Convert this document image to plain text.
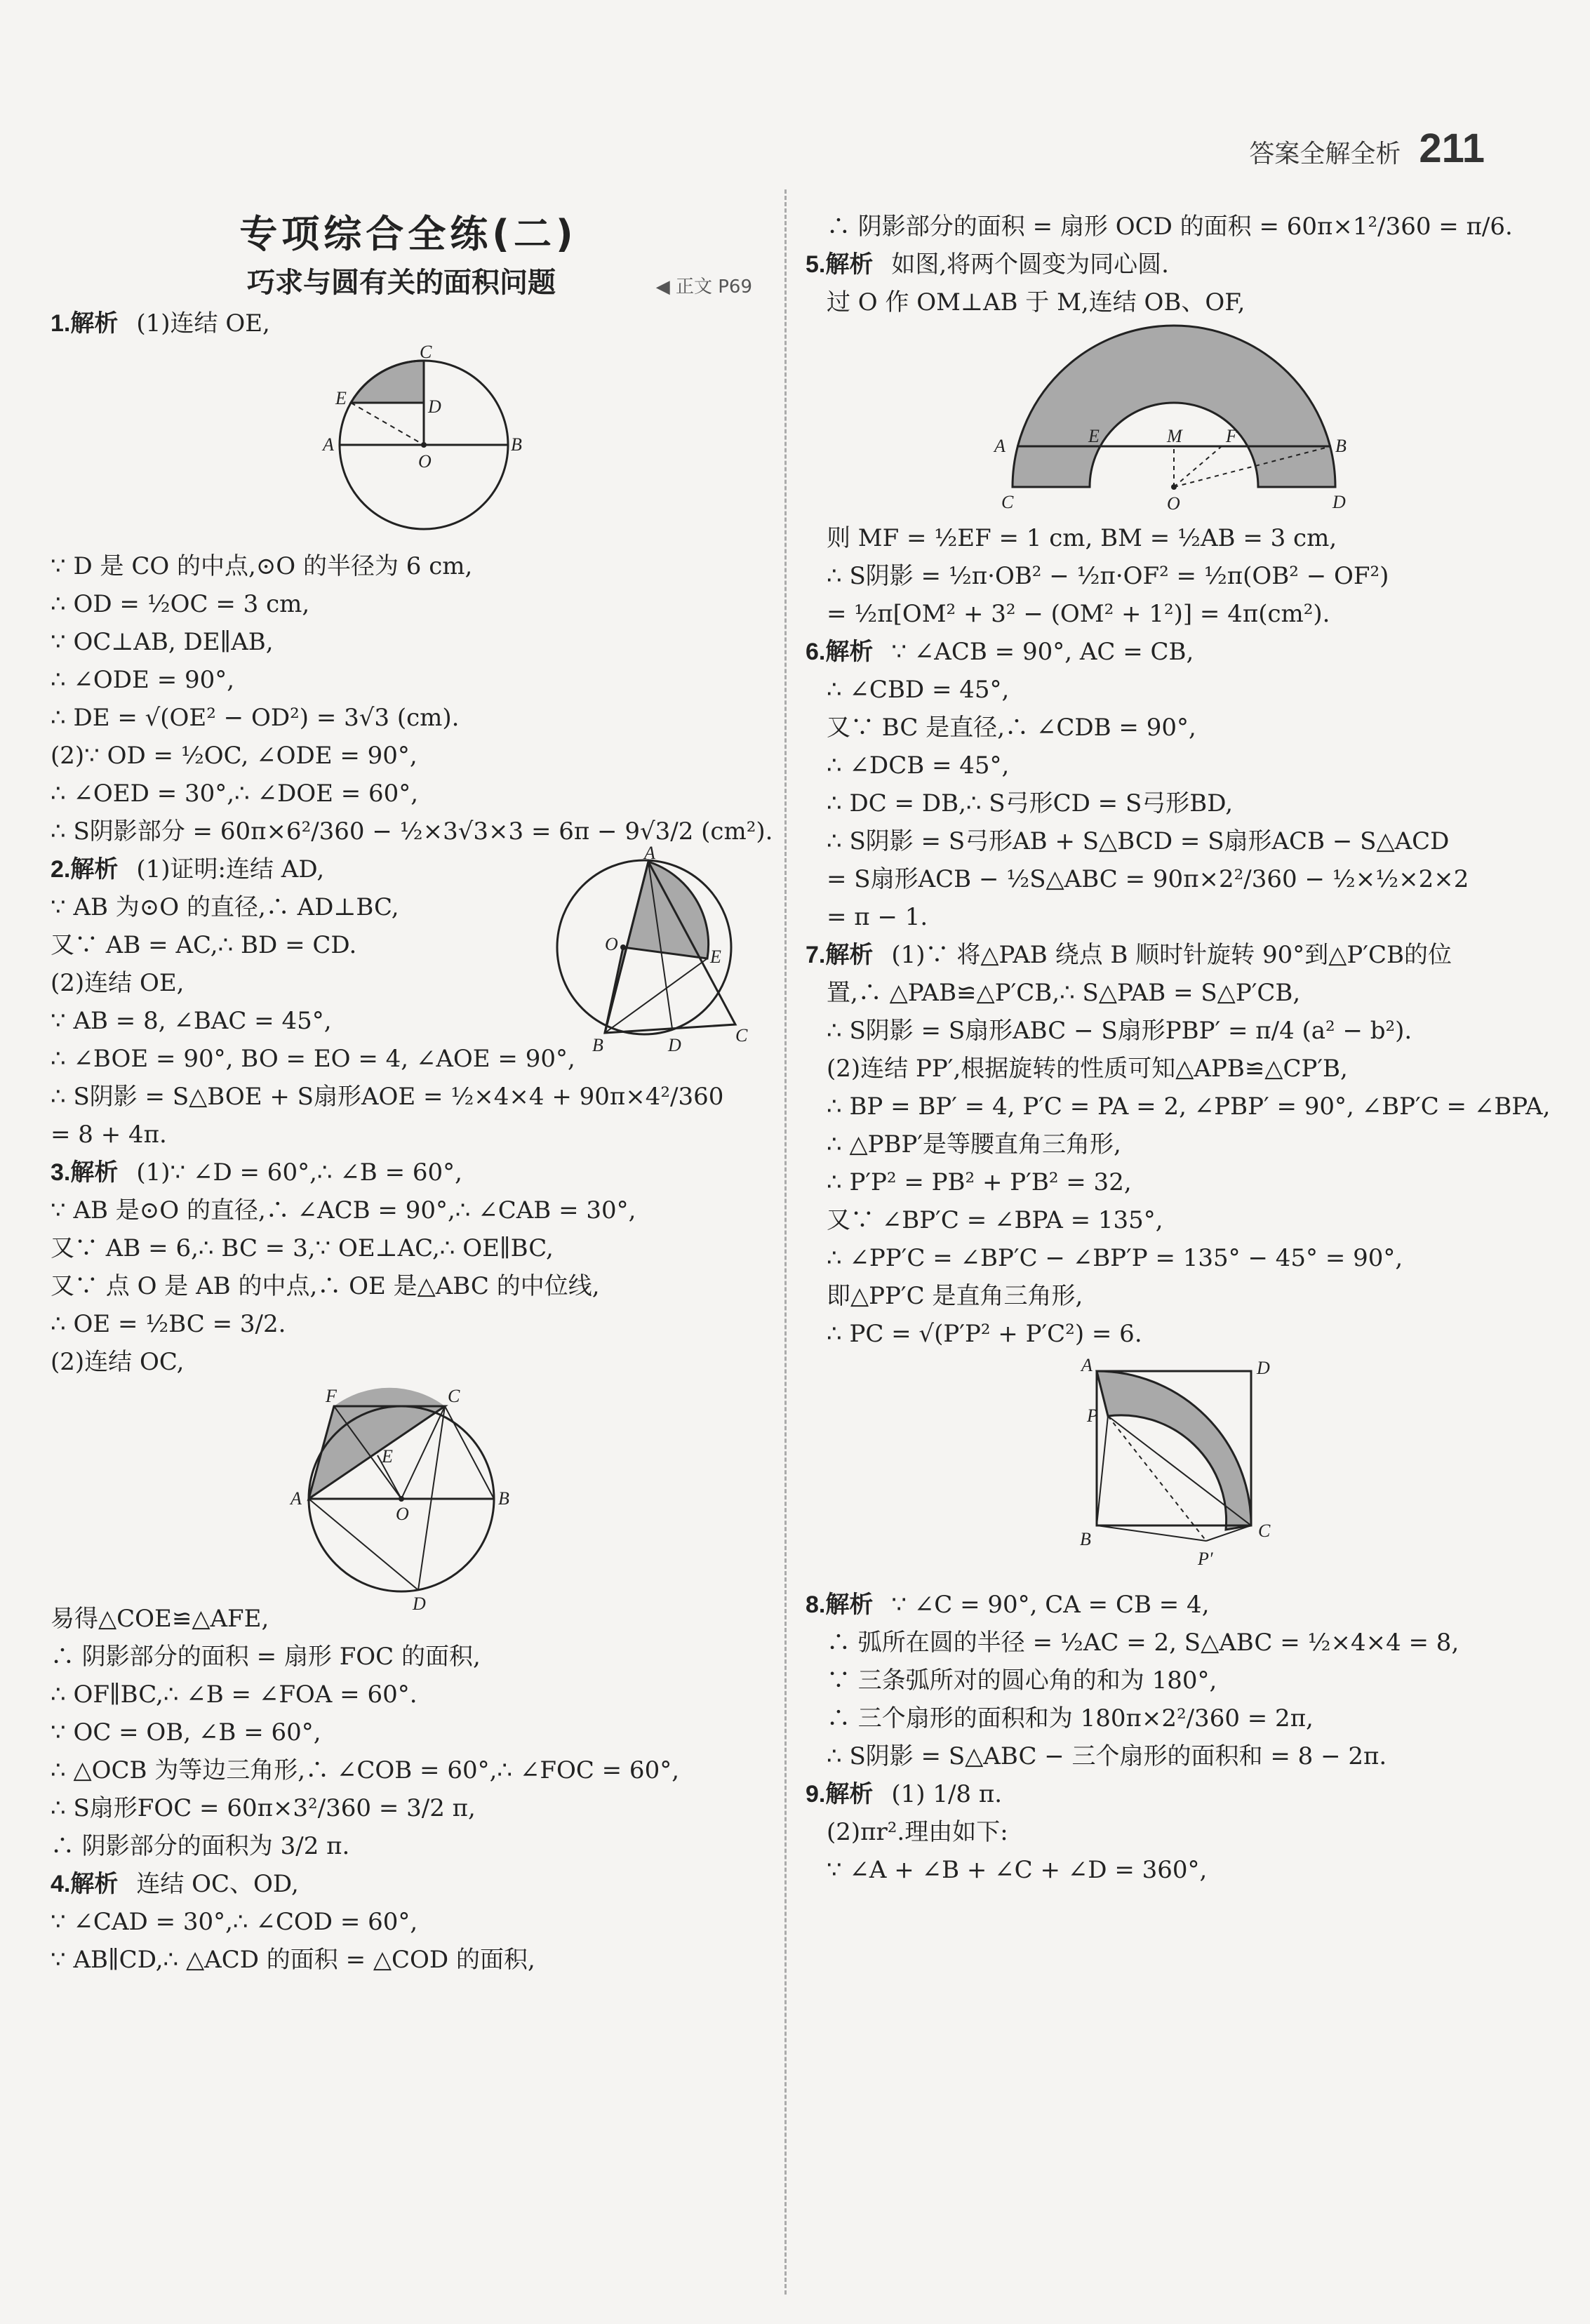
答案全解全析 211
专项综合全练(二)
巧求与圆有关的面积问题	◀ 正文 P69
1.解析 (1)连结 OE,
C
D
E
A
O
B
∵ D 是 CO 的中点,⊙O 的半径为 6 cm,
∴ OD = ½OC = 3 cm,
∵ OC⊥AB, DE∥AB,
∴ ∠ODE = 90°,
∴ DE = √(OE² − OD²) = 3√3 (cm).
(2)∵ OD = ½OC, ∠ODE = 90°,
∴ ∠OED = 30°,∴ ∠DOE = 60°,
∴ S阴影部分 = 60π×6²/360 − ½×3√3×3 = 6π − 9√3/2 (cm²).
2.解析 (1)证明:连结 AD,
∵ AB 为⊙O 的直径,∴ AD⊥BC,
又∵ AB = AC,∴ BD = CD.
(2)连结 OE,
∵ AB = 8, ∠BAC = 45°,
∴ ∠BOE = 90°, BO = EO = 4, ∠AOE = 90°,
∴ S阴影 = S△BOE + S扇形AOE = ½×4×4 + 90π×4²/360
= 8 + 4π.
A
O
E
B	D	C
3.解析 (1)∵ ∠D = 60°,∴ ∠B = 60°,
∵ AB 是⊙O 的直径,∴ ∠ACB = 90°,∴ ∠CAB = 30°,
又∵ AB = 6,∴ BC = 3,∵ OE⊥AC,∴ OE∥BC,
又∵ 点 O 是 AB 的中点,∴ OE 是△ABC 的中位线,
∴ OE = ½BC = 3/2.
(2)连结 OC,
F	C
E
A
O
B
D
易得△COE≌△AFE,
∴ 阴影部分的面积 = 扇形 FOC 的面积,
∴ OF∥BC,∴ ∠B = ∠FOA = 60°.
∵ OC = OB, ∠B = 60°,
∴ △OCB 为等边三角形,∴ ∠COB = 60°,∴ ∠FOC = 60°,
∴ S扇形FOC = 60π×3²/360 = 3/2 π,
∴ 阴影部分的面积为 3/2 π.
4.解析 连结 OC、OD,
∵ ∠CAD = 30°,∴ ∠COD = 60°,
∵ AB∥CD,∴ △ACD 的面积 = △COD 的面积,
∴ 阴影部分的面积 = 扇形 OCD 的面积 = 60π×1²/360 = π/6.
5.解析 如图,将两个圆变为同心圆.
过 O 作 OM⊥AB 于 M,连结 OB、OF,
A	E	M F	B
C	O	D
则 MF = ½EF = 1 cm, BM = ½AB = 3 cm,
∴ S阴影 = ½π·OB² − ½π·OF² = ½π(OB² − OF²)
= ½π[OM² + 3² − (OM² + 1²)] = 4π(cm²).
6.解析 ∵ ∠ACB = 90°, AC = CB,
∴ ∠CBD = 45°,
又∵ BC 是直径,∴ ∠CDB = 90°,
∴ ∠DCB = 45°,
∴ DC = DB,∴ S弓形CD = S弓形BD,
∴ S阴影 = S弓形AB + S△BCD = S扇形ACB − S△ACD
= S扇形ACB − ½S△ABC = 90π×2²/360 − ½×½×2×2
= π − 1.
7.解析 (1)∵ 将△PAB 绕点 B 顺时针旋转 90°到△P′CB的位
置,∴ △PAB≌△P′CB,∴ S△PAB = S△P′CB,
∴ S阴影 = S扇形ABC − S扇形PBP′ = π/4 (a² − b²).
(2)连结 PP′,根据旋转的性质可知△APB≌△CP′B,
∴ BP = BP′ = 4, P′C = PA = 2, ∠PBP′ = 90°, ∠BP′C = ∠BPA,
∴ △PBP′是等腰直角三角形,
∴ P′P² = PB² + P′B² = 32,
又∵ ∠BP′C = ∠BPA = 135°,
∴ ∠PP′C = ∠BP′C − ∠BP′P = 135° − 45° = 90°,
即△PP′C 是直角三角形,
∴ PC = √(P′P² + P′C²) = 6.
A	D
P
B	C
P′
8.解析 ∵ ∠C = 90°, CA = CB = 4,
∴ 弧所在圆的半径 = ½AC = 2, S△ABC = ½×4×4 = 8,
∵ 三条弧所对的圆心角的和为 180°,
∴ 三个扇形的面积和为 180π×2²/360 = 2π,
∴ S阴影 = S△ABC − 三个扇形的面积和 = 8 − 2π.
9.解析 (1) 1/8 π.
(2)πr².理由如下:
∵ ∠A + ∠B + ∠C + ∠D = 360°,
